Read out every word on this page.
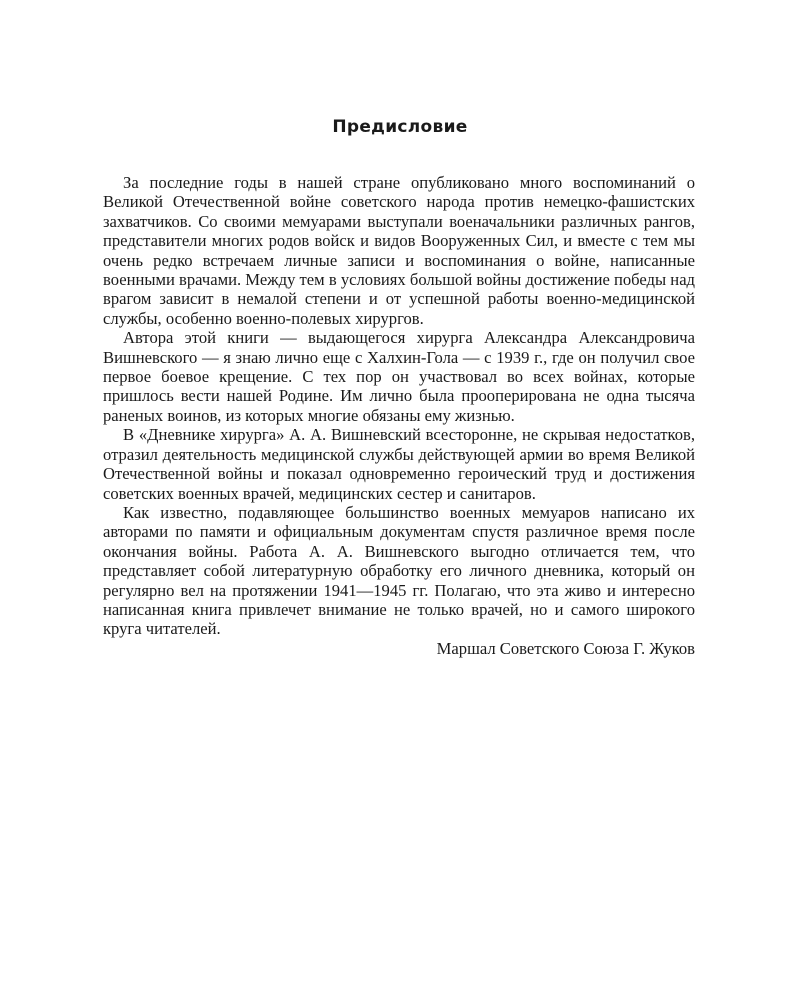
Предисловие

За последние годы в нашей стране опубликовано много воспоминаний о Великой Отечественной войне советского народа против немецко-фашистских захватчиков. Со своими мемуарами выступали военачальники различных рангов, представители многих родов войск и видов Вооруженных Сил, и вместе с тем мы очень редко встречаем личные записи и воспоминания о войне, написанные военными врачами. Между тем в условиях большой войны достижение победы над врагом зависит в немалой степени и от успешной работы военно-медицинской службы, особенно военно-полевых хирургов.

Автора этой книги — выдающегося хирурга Александра Александровича Вишневского — я знаю лично еще с Халхин-Гола — с 1939 г., где он получил свое первое боевое крещение. С тех пор он участвовал во всех войнах, которые пришлось вести нашей Родине. Им лично была прооперирована не одна тысяча раненых воинов, из которых многие обязаны ему жизнью.

В «Дневнике хирурга» А. А. Вишневский всесторонне, не скрывая недостатков, отразил деятельность медицинской службы действующей армии во время Великой Отечественной войны и показал одновременно героический труд и достижения советских военных врачей, медицинских сестер и санитаров.

Как известно, подавляющее большинство военных мемуаров написано их авторами по памяти и официальным документам спустя различное время после окончания войны. Работа А. А. Вишневского выгодно отличается тем, что представляет собой литературную обработку его личного дневника, который он регулярно вел на протяжении 1941—1945 гг. Полагаю, что эта живо и интересно написанная книга привлечет внимание не только врачей, но и самого широкого круга читателей.

Маршал Советского Союза Г. Жуков
